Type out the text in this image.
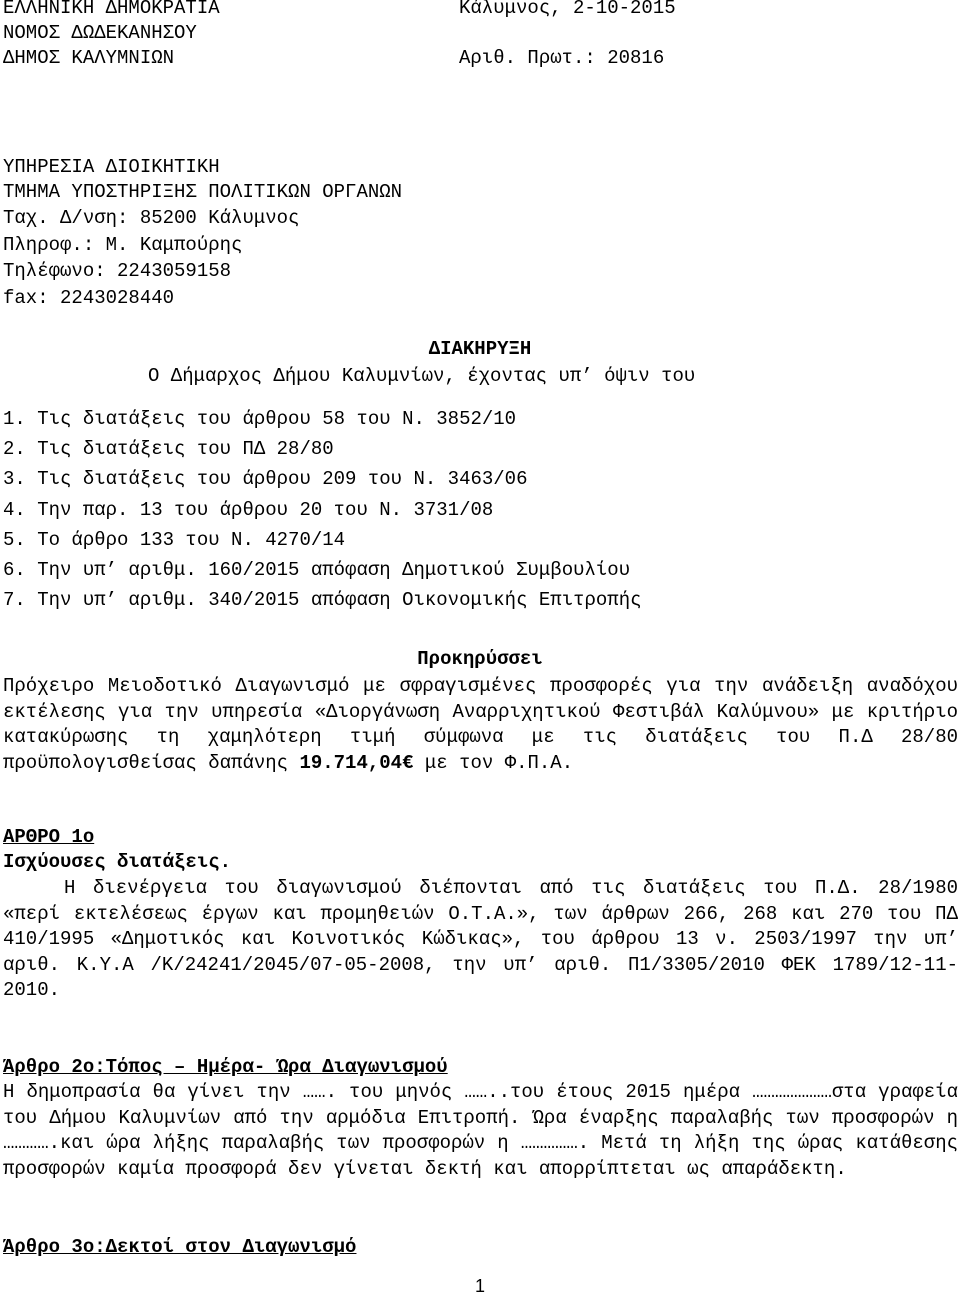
ΕΛΛΗΝΙΚΗ ΔΗΜΟΚΡΑΤΙΑ
ΝΟΜΟΣ ΔΩΔΕΚΑΝΗΣΟΥ
ΔΗΜΟΣ ΚΑΛΥΜΝΙΩΝ
Κάλυμνος, 2-10-2015
Αριθ. Πρωτ.: 20816
ΥΠΗΡΕΣΙΑ ΔΙΟΙΚΗΤΙΚΗ
ΤΜΗΜΑ ΥΠΟΣΤΗΡΙΞΗΣ ΠΟΛΙΤΙΚΩΝ ΟΡΓΑΝΩΝ
Ταχ. Δ/νση: 85200 Κάλυμνος
Πληροφ.: Μ. Καμπούρης
Τηλέφωνο: 2243059158
fax: 2243028440
ΔΙΑΚΗΡΥΞΗ
Ο Δήμαρχος Δήμου Καλυμνίων, έχοντας υπ’ όψιν του
1. Τις διατάξεις του άρθρου 58 του Ν. 3852/10
2. Τις διατάξεις του ΠΔ 28/80
3. Τις διατάξεις του άρθρου 209 του Ν. 3463/06
4. Την παρ. 13 του άρθρου 20 του Ν. 3731/08
5. Το άρθρο 133 του Ν. 4270/14
6. Την υπ’ αριθμ. 160/2015 απόφαση Δημοτικού Συμβουλίου
7. Την υπ’ αριθμ. 340/2015 απόφαση Οικονομικής Επιτροπής
Προκηρύσσει

Πρόχειρο Μειοδοτικό Διαγωνισμό με σφραγισμένες προσφορές για την ανάδειξη αναδόχου εκτέλεσης για την υπηρεσία «Διοργάνωση Αναρριχητικού Φεστιβάλ Καλύμνου» με κριτήριο κατακύρωσης τη χαμηλότερη τιμή σύμφωνα με τις διατάξεις του Π.Δ 28/80 προϋπολογισθείσας δαπάνης 19.714,04€ με τον Φ.Π.Α.

ΑΡΘΡΟ 1ο
Ισχύουσες διατάξεις.

Η διενέργεια του διαγωνισμού διέπονται από τις διατάξεις του Π.Δ. 28/1980 «περί εκτελέσεως έργων και προμηθειών Ο.Τ.Α.», των άρθρων 266, 268 και 270 του ΠΔ 410/1995 «Δημοτικός και Κοινοτικός Κώδικας», του άρθρου 13 ν. 2503/1997 την υπ’ αριθ. Κ.Υ.Α /Κ/24241/2045/07-05-2008, την υπ’ αριθ. Π1/3305/2010 ΦΕΚ 1789/12-11-2010.

Άρθρο 2ο:Τόπος – Ημέρα- Ώρα Διαγωνισμού

Η δημοπρασία θα γίνει την ……. του μηνός ……..του έτους 2015 ημέρα …………………στα γραφεία του Δήμου Καλυμνίων από την αρμόδια Επιτροπή. Ώρα έναρξης παραλαβής των προσφορών η ………….και ώρα λήξης παραλαβής των προσφορών η ……………. Μετά τη λήξη της ώρας κατάθεσης προσφορών καμία προσφορά δεν γίνεται δεκτή και απορρίπτεται ως απαράδεκτη.

Άρθρο 3ο:Δεκτοί στον Διαγωνισμό
1
